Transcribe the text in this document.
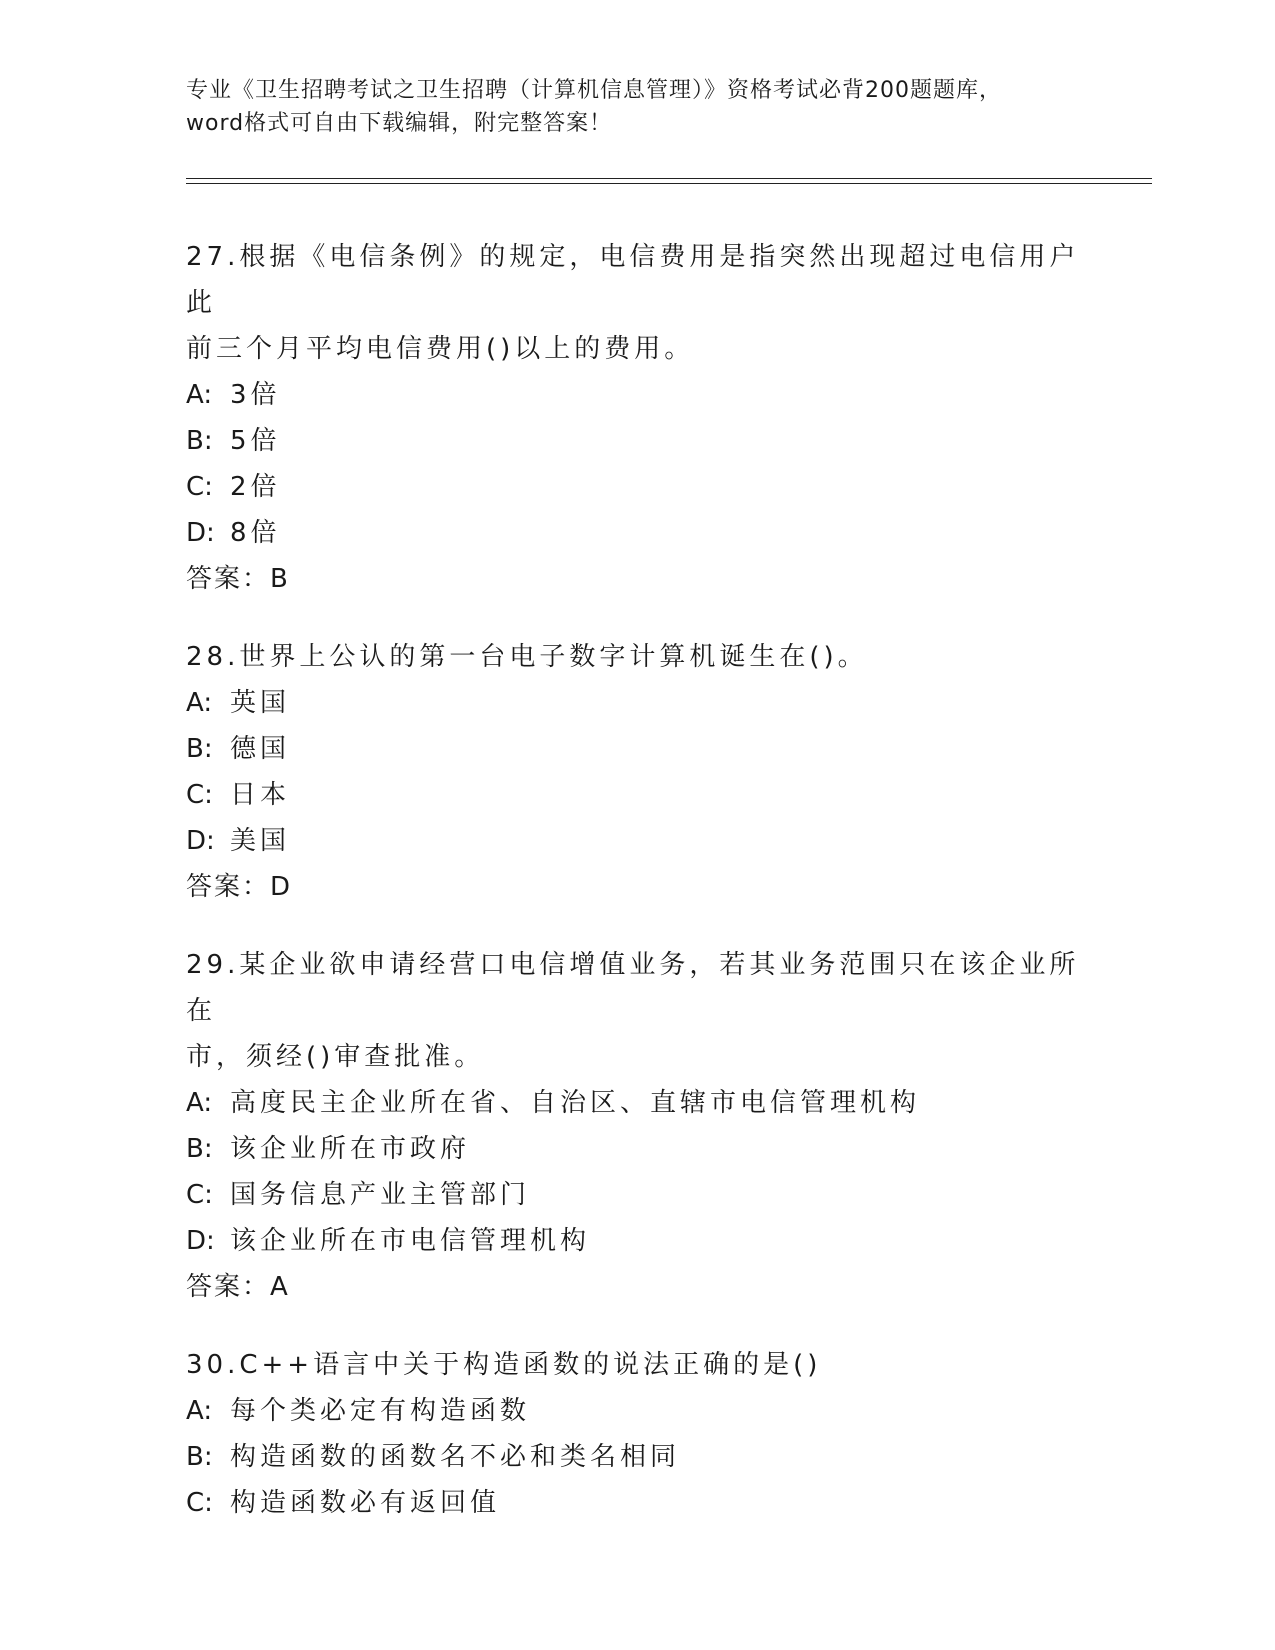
专业《卫生招聘考试之卫生招聘（计算机信息管理）》资格考试必背200题题库，
word格式可自由下载编辑，附完整答案！
27.根据《电信条例》的规定，电信费用是指突然出现超过电信用户此
前三个月平均电信费用()以上的费用。
A: 3倍
B: 5倍
C: 2倍
D: 8倍
答案：B
28.世界上公认的第一台电子数字计算机诞生在()。
A: 英国
B: 德国
C: 日本
D: 美国
答案：D
29.某企业欲申请经营口电信增值业务，若其业务范围只在该企业所在
市，须经()审查批准。
A: 高度民主企业所在省、自治区、直辖市电信管理机构
B: 该企业所在市政府
C: 国务信息产业主管部门
D: 该企业所在市电信管理机构
答案：A
30.C++语言中关于构造函数的说法正确的是()
A: 每个类必定有构造函数
B: 构造函数的函数名不必和类名相同
C: 构造函数必有返回值
